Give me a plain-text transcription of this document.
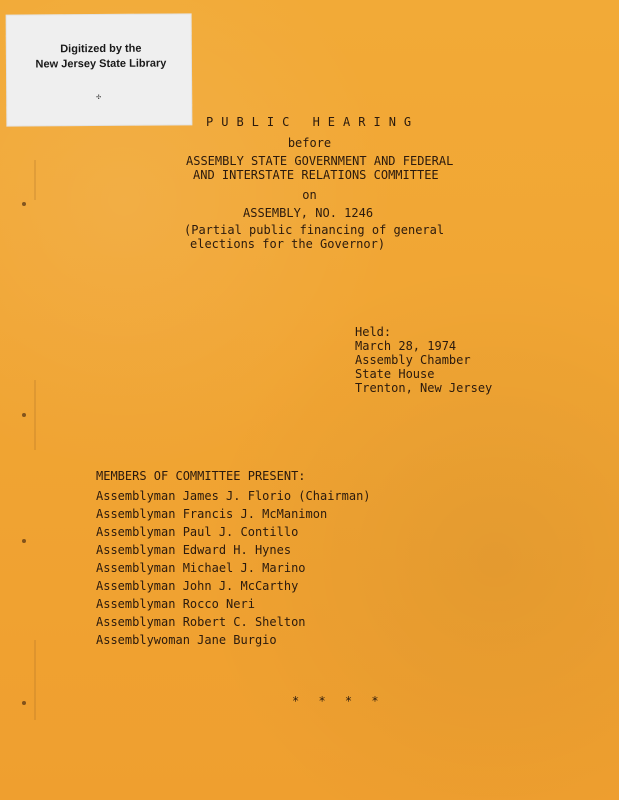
Digitized by the
New Jersey State Library
✣
PUBLIC HEARING
before
ASSEMBLY STATE GOVERNMENT AND FEDERAL
AND INTERSTATE RELATIONS COMMITTEE
on
ASSEMBLY, NO. 1246
(Partial public financing of general
elections for the Governor)
Held:
March 28, 1974
Assembly Chamber
State House
Trenton, New Jersey
MEMBERS OF COMMITTEE PRESENT:
Assemblyman James J. Florio (Chairman)
Assemblyman Francis J. McManimon
Assemblyman Paul J. Contillo
Assemblyman Edward H. Hynes
Assemblyman Michael J. Marino
Assemblyman John J. McCarthy
Assemblyman Rocco Neri
Assemblyman Robert C. Shelton
Assemblywoman Jane Burgio
* * * *
